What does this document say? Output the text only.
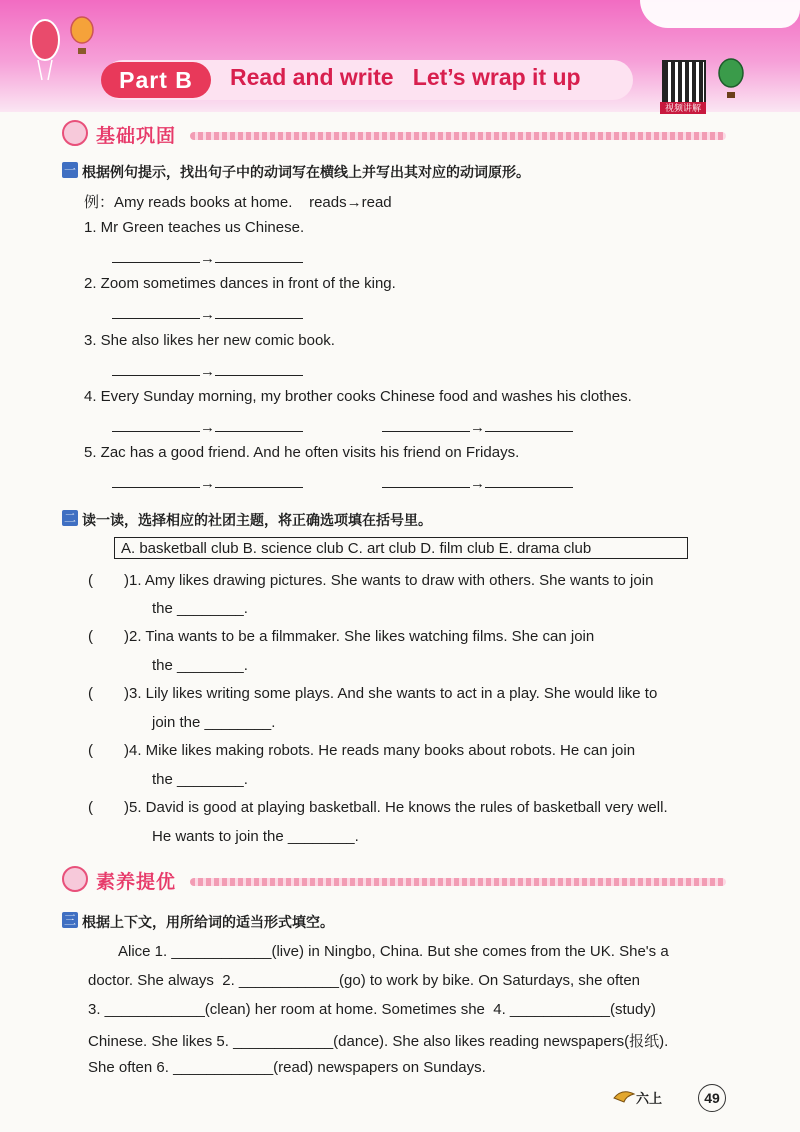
Part B	Read and write   Let’s wrap it up
视频讲解
基础巩固
一 根据例句提示，找出句子中的动词写在横线上并写出其对应的动词原形。
例：Amy reads books at home.    reads→read
1. Mr Green teaches us Chinese.
→
2. Zoom sometimes dances in front of the king.
→
3. She also likes her new comic book.
→
4. Every Sunday morning, my brother cooks Chinese food and washes his clothes.
→	→
5. Zac has a good friend. And he often visits his friend on Fridays.
→	→
二 读一读，选择相应的社团主题，将正确选项填在括号里。
A. basketball club B. science club C. art club D. film club E. drama club
( )1. Amy likes drawing pictures. She wants to draw with others. She wants to join
the ________.
( )2. Tina wants to be a filmmaker. She likes watching films. She can join
the ________.
( )3. Lily likes writing some plays. And she wants to act in a play. She would like to
join the ________.
( )4. Mike likes making robots. He reads many books about robots. He can join
the ________.
( )5. David is good at playing basketball. He knows the rules of basketball very well.
He wants to join the ________.
素养提优
三 根据上下文，用所给词的适当形式填空。
Alice 1. ____________(live) in Ningbo, China. But she comes from the UK. She's a
doctor. She always  2. ____________(go) to work by bike. On Saturdays, she often
3. ____________(clean) her room at home. Sometimes she  4. ____________(study)
Chinese. She likes 5. ____________(dance). She also likes reading newspapers(报纸).
She often 6. ____________(read) newspapers on Sundays.
六上	49
